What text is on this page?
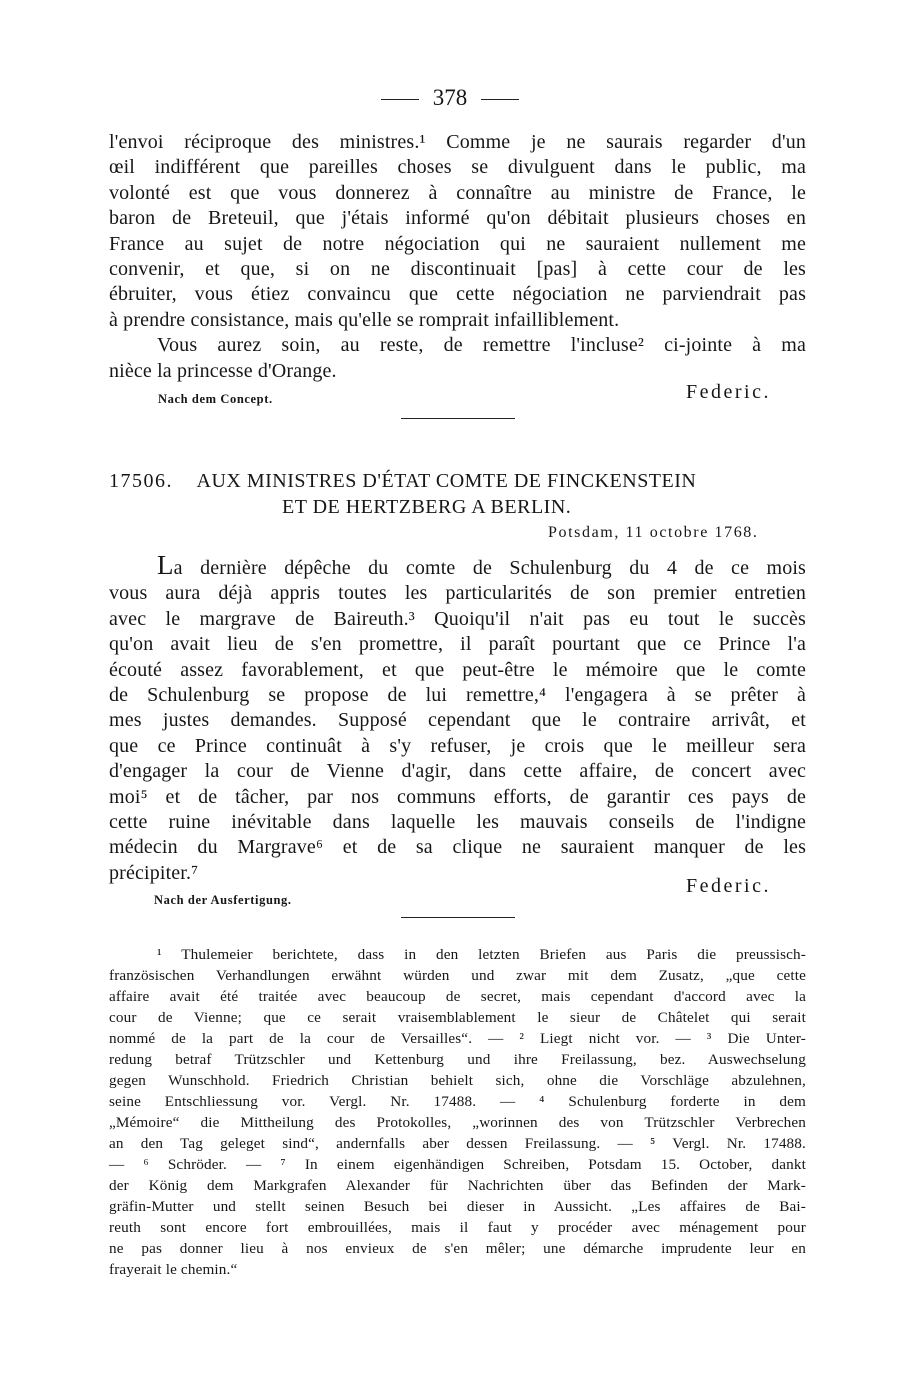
378
l'envoi réciproque des ministres.¹ Comme je ne saurais regarder d'un
œil indifférent que pareilles choses se divulguent dans le public, ma
volonté est que vous donnerez à connaître au ministre de France, le
baron de Breteuil, que j'étais informé qu'on débitait plusieurs choses en
France au sujet de notre négociation qui ne sauraient nullement me
convenir, et que, si on ne discontinuait [pas] à cette cour de les
ébruiter, vous étiez convaincu que cette négociation ne parviendrait pas
à prendre consistance, mais qu'elle se romprait infailliblement.
Vous aurez soin, au reste, de remettre l'incluse² ci-jointe à ma
nièce la princesse d'Orange.
Federic.
Nach dem Concept.
17506. AUX MINISTRES D'ÉTAT COMTE DE FINCKENSTEIN
ET DE HERTZBERG A BERLIN.
Potsdam, 11 octobre 1768.
La dernière dépêche du comte de Schulenburg du 4 de ce mois
vous aura déjà appris toutes les particularités de son premier entretien
avec le margrave de Baireuth.³ Quoiqu'il n'ait pas eu tout le succès
qu'on avait lieu de s'en promettre, il paraît pourtant que ce Prince l'a
écouté assez favorablement, et que peut-être le mémoire que le comte
de Schulenburg se propose de lui remettre,⁴ l'engagera à se prêter à
mes justes demandes. Supposé cependant que le contraire arrivât, et
que ce Prince continuât à s'y refuser, je crois que le meilleur sera
d'engager la cour de Vienne d'agir, dans cette affaire, de concert avec
moi⁵ et de tâcher, par nos communs efforts, de garantir ces pays de
cette ruine inévitable dans laquelle les mauvais conseils de l'indigne
médecin du Margrave⁶ et de sa clique ne sauraient manquer de les
précipiter.⁷
Federic.
Nach der Ausfertigung.
¹ Thulemeier berichtete, dass in den letzten Briefen aus Paris die preussisch-
französischen Verhandlungen erwähnt würden und zwar mit dem Zusatz, „que cette
affaire avait été traitée avec beaucoup de secret, mais cependant d'accord avec la
cour de Vienne; que ce serait vraisemblablement le sieur de Châtelet qui serait
nommé de la part de la cour de Versailles“. — ² Liegt nicht vor. — ³ Die Unter-
redung betraf Trützschler und Kettenburg und ihre Freilassung, bez. Auswechselung
gegen Wunschhold. Friedrich Christian behielt sich, ohne die Vorschläge abzulehnen,
seine Entschliessung vor. Vergl. Nr. 17488. — ⁴ Schulenburg forderte in dem
„Mémoire“ die Mittheilung des Protokolles, „worinnen des von Trützschler Verbrechen
an den Tag geleget sind“, andernfalls aber dessen Freilassung. — ⁵ Vergl. Nr. 17488.
— ⁶ Schröder. — ⁷ In einem eigenhändigen Schreiben, Potsdam 15. October, dankt
der König dem Markgrafen Alexander für Nachrichten über das Befinden der Mark-
gräfin-Mutter und stellt seinen Besuch bei dieser in Aussicht. „Les affaires de Bai-
reuth sont encore fort embrouillées, mais il faut y procéder avec ménagement pour
ne pas donner lieu à nos envieux de s'en mêler; une démarche imprudente leur en
frayerait le chemin.“
